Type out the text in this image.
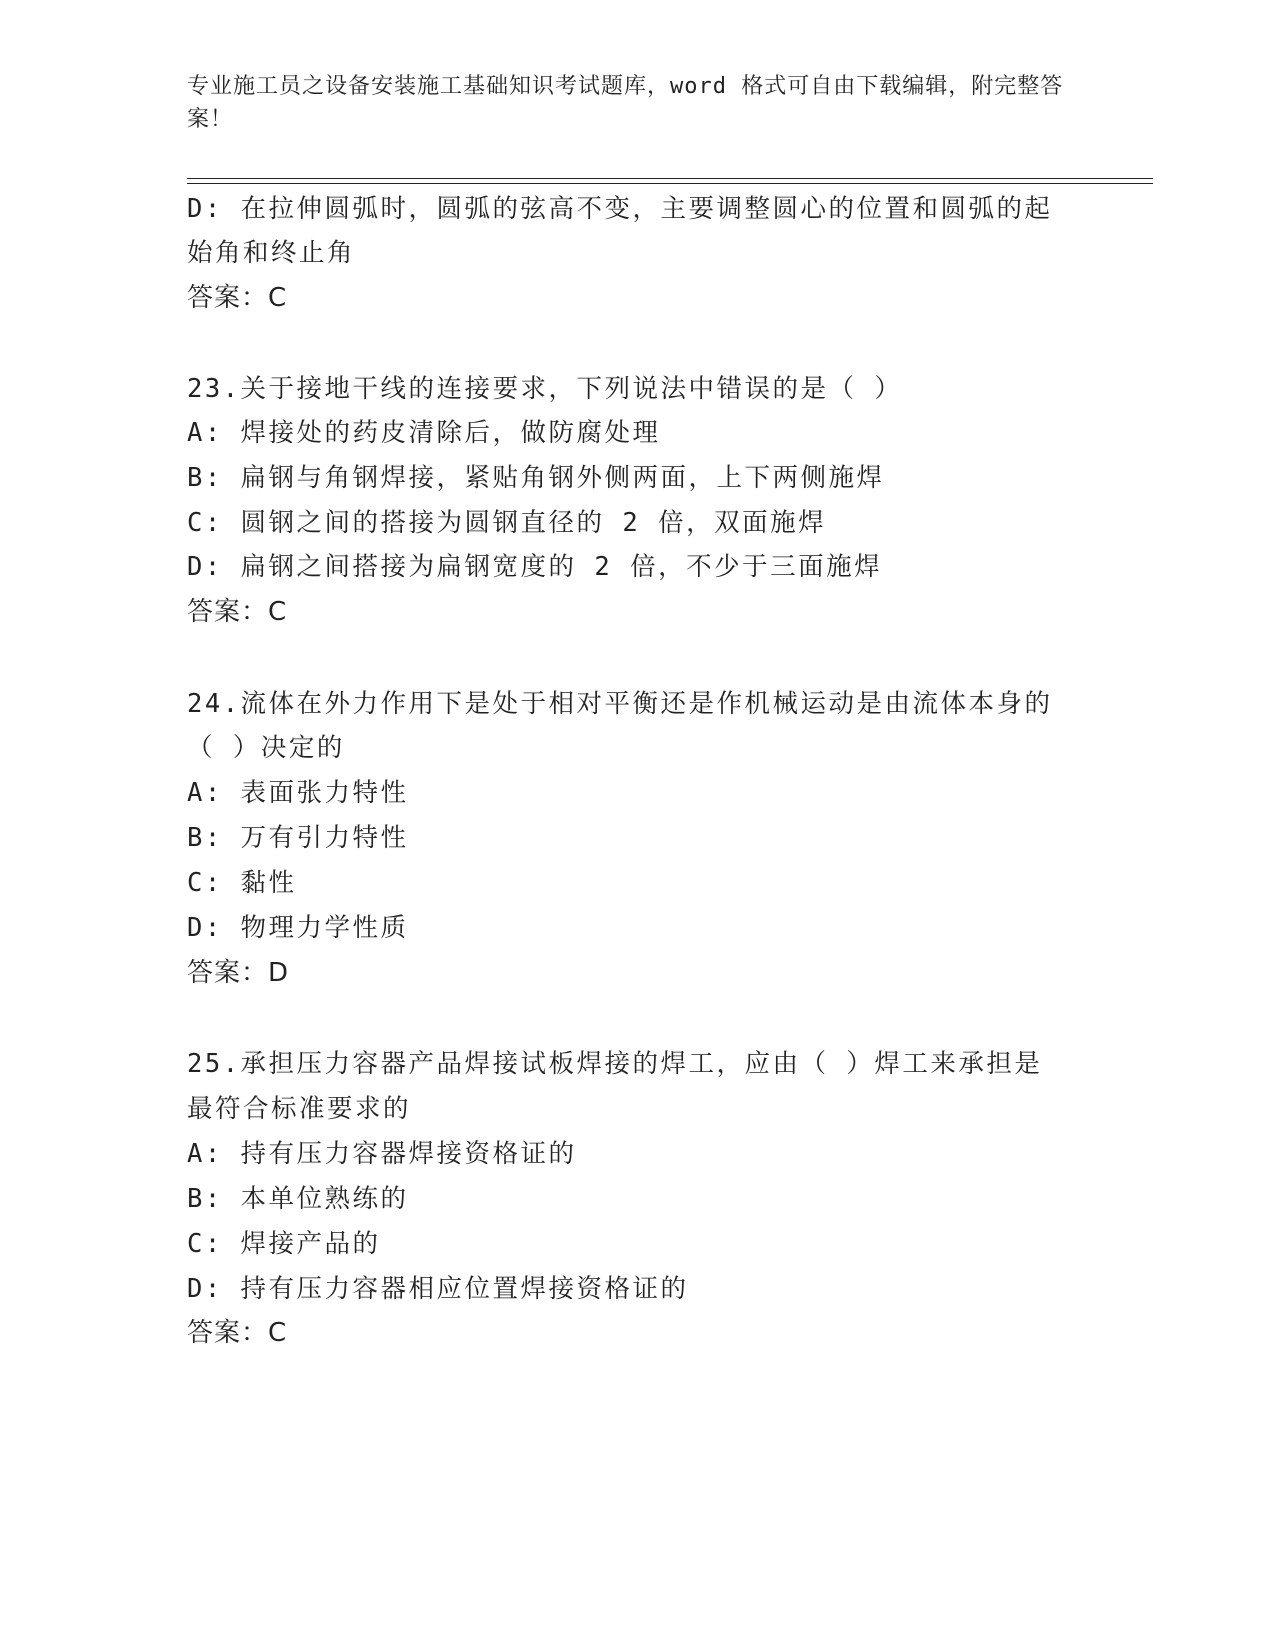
专业施工员之设备安装施工基础知识考试题库，word 格式可自由下载编辑，附完整答案！
D: 在拉伸圆弧时，圆弧的弦高不变，主要调整圆心的位置和圆弧的起
始角和终止角
答案：C
23.关于接地干线的连接要求，下列说法中错误的是（ ）
A: 焊接处的药皮清除后，做防腐处理
B: 扁钢与角钢焊接，紧贴角钢外侧两面，上下两侧施焊
C: 圆钢之间的搭接为圆钢直径的 2 倍，双面施焊
D: 扁钢之间搭接为扁钢宽度的 2 倍，不少于三面施焊
答案：C
24.流体在外力作用下是处于相对平衡还是作机械运动是由流体本身的
（ ）决定的
A: 表面张力特性
B: 万有引力特性
C: 黏性
D: 物理力学性质
答案：D
25.承担压力容器产品焊接试板焊接的焊工，应由（ ）焊工来承担是
最符合标准要求的
A: 持有压力容器焊接资格证的
B: 本单位熟练的
C: 焊接产品的
D: 持有压力容器相应位置焊接资格证的
答案：C
